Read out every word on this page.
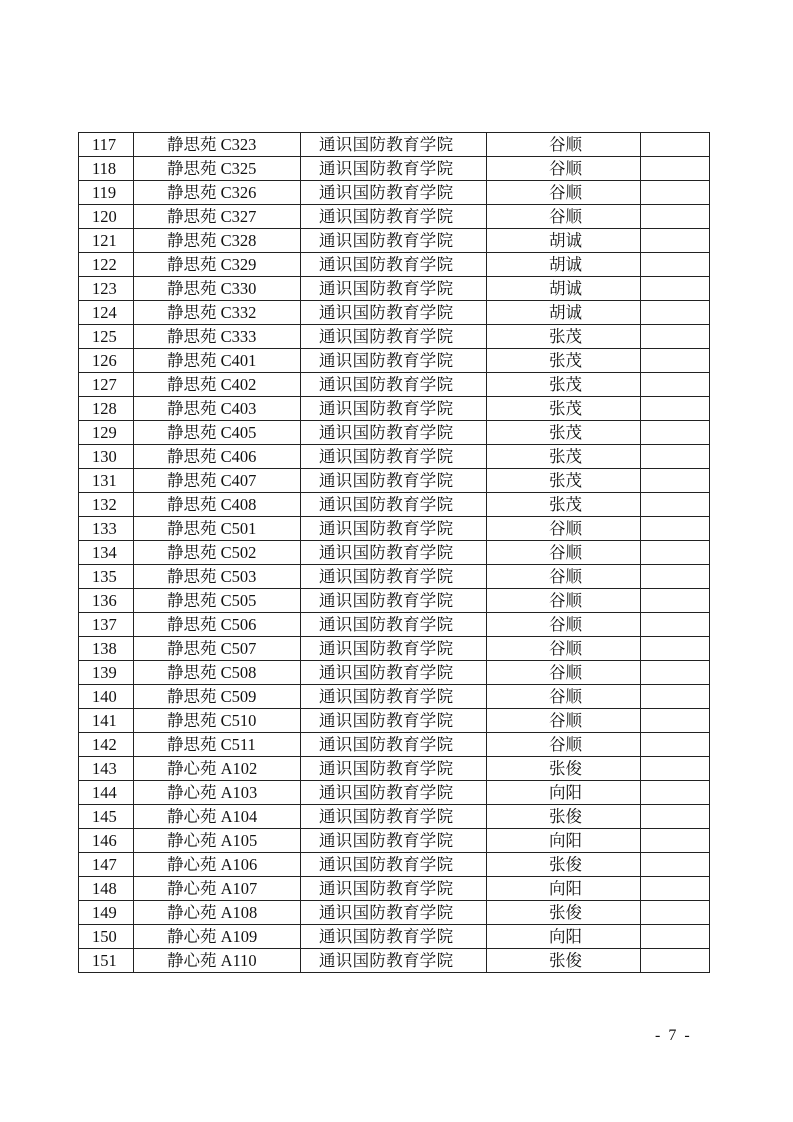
117	静思苑 C323	通识国防教育学院	谷顺	
118	静思苑 C325	通识国防教育学院	谷顺	
119	静思苑 C326	通识国防教育学院	谷顺	
120	静思苑 C327	通识国防教育学院	谷顺	
121	静思苑 C328	通识国防教育学院	胡诚	
122	静思苑 C329	通识国防教育学院	胡诚	
123	静思苑 C330	通识国防教育学院	胡诚	
124	静思苑 C332	通识国防教育学院	胡诚	
125	静思苑 C333	通识国防教育学院	张茂	
126	静思苑 C401	通识国防教育学院	张茂	
127	静思苑 C402	通识国防教育学院	张茂	
128	静思苑 C403	通识国防教育学院	张茂	
129	静思苑 C405	通识国防教育学院	张茂	
130	静思苑 C406	通识国防教育学院	张茂	
131	静思苑 C407	通识国防教育学院	张茂	
132	静思苑 C408	通识国防教育学院	张茂	
133	静思苑 C501	通识国防教育学院	谷顺	
134	静思苑 C502	通识国防教育学院	谷顺	
135	静思苑 C503	通识国防教育学院	谷顺	
136	静思苑 C505	通识国防教育学院	谷顺	
137	静思苑 C506	通识国防教育学院	谷顺	
138	静思苑 C507	通识国防教育学院	谷顺	
139	静思苑 C508	通识国防教育学院	谷顺	
140	静思苑 C509	通识国防教育学院	谷顺	
141	静思苑 C510	通识国防教育学院	谷顺	
142	静思苑 C511	通识国防教育学院	谷顺	
143	静心苑 A102	通识国防教育学院	张俊	
144	静心苑 A103	通识国防教育学院	向阳	
145	静心苑 A104	通识国防教育学院	张俊	
146	静心苑 A105	通识国防教育学院	向阳	
147	静心苑 A106	通识国防教育学院	张俊	
148	静心苑 A107	通识国防教育学院	向阳	
149	静心苑 A108	通识国防教育学院	张俊	
150	静心苑 A109	通识国防教育学院	向阳	
151	静心苑 A110	通识国防教育学院	张俊	
- 7 -
